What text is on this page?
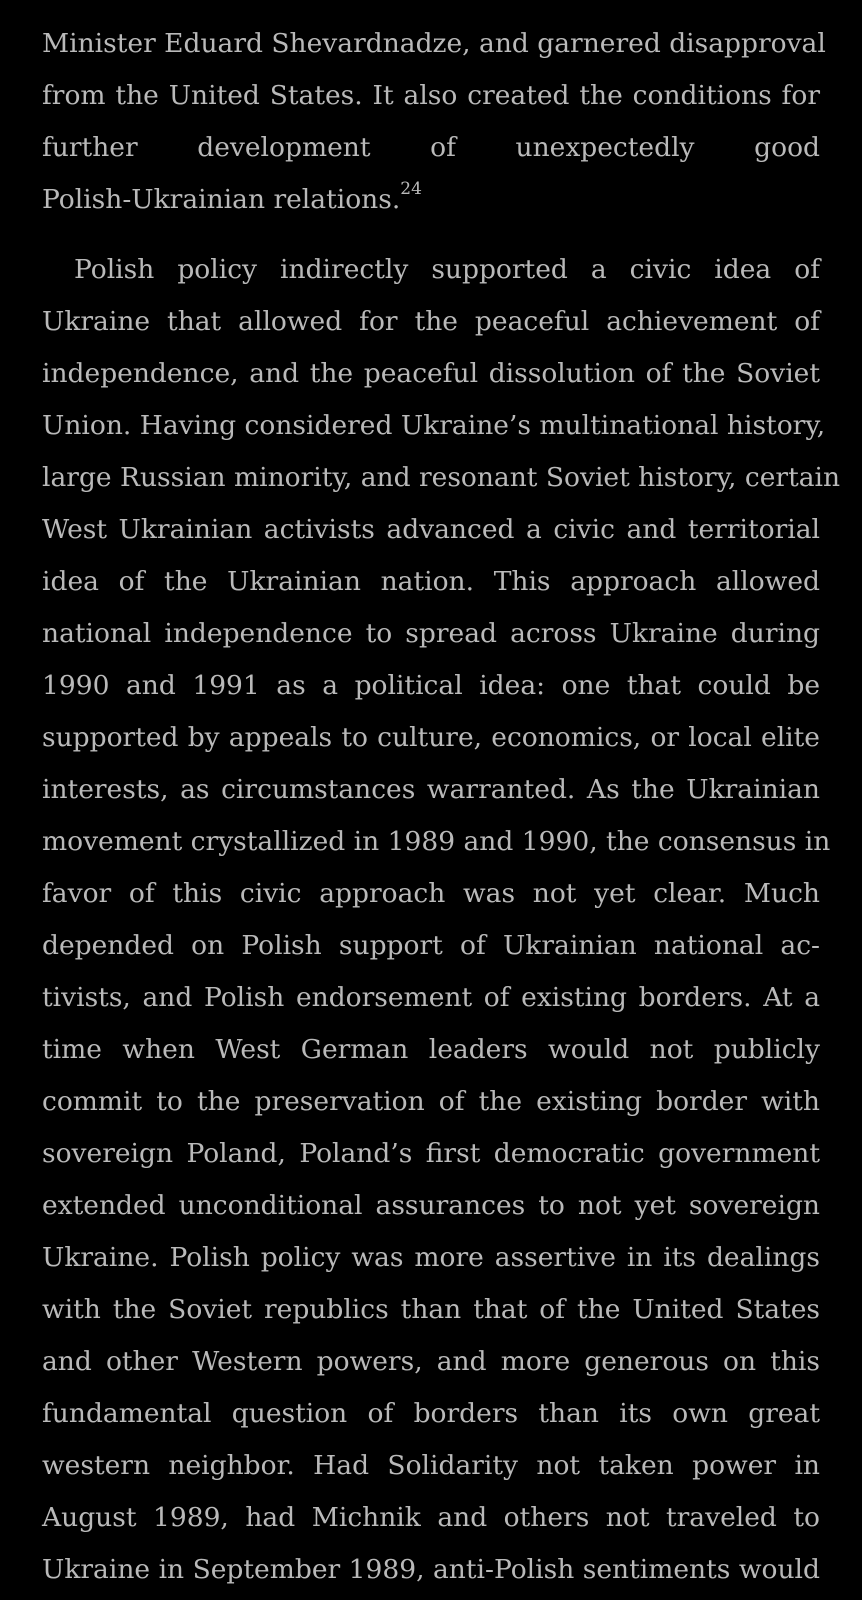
Minister Eduard Shevardnadze, and garnered disapproval
from the United States. It also created the conditions for
further development of unexpectedly good
Polish-Ukrainian relations.$^{24}$
Polish policy indirectly supported a civic idea of
Ukraine that allowed for the peaceful achievement of
independence, and the peaceful dissolution of the Soviet
Union. Having considered Ukraine’s multinational history,
large Russian minority, and resonant Soviet history, certain
West Ukrainian activists advanced a civic and territorial
idea of the Ukrainian nation. This approach allowed
national independence to spread across Ukraine during
1990 and 1991 as a political idea: one that could be
supported by appeals to culture, economics, or local elite
interests, as circumstances warranted. As the Ukrainian
movement crystallized in 1989 and 1990, the consensus in
favor of this civic approach was not yet clear. Much
depended on Polish support of Ukrainian national ac-
tivists, and Polish endorsement of existing borders. At a
time when West German leaders would not publicly
commit to the preservation of the existing border with
sovereign Poland, Poland’s first democratic government
extended unconditional assurances to not yet sovereign
Ukraine. Polish policy was more assertive in its dealings
with the Soviet republics than that of the United States
and other Western powers, and more generous on this
fundamental question of borders than its own great
western neighbor. Had Solidarity not taken power in
August 1989, had Michnik and others not traveled to
Ukraine in September 1989, anti-Polish sentiments would
